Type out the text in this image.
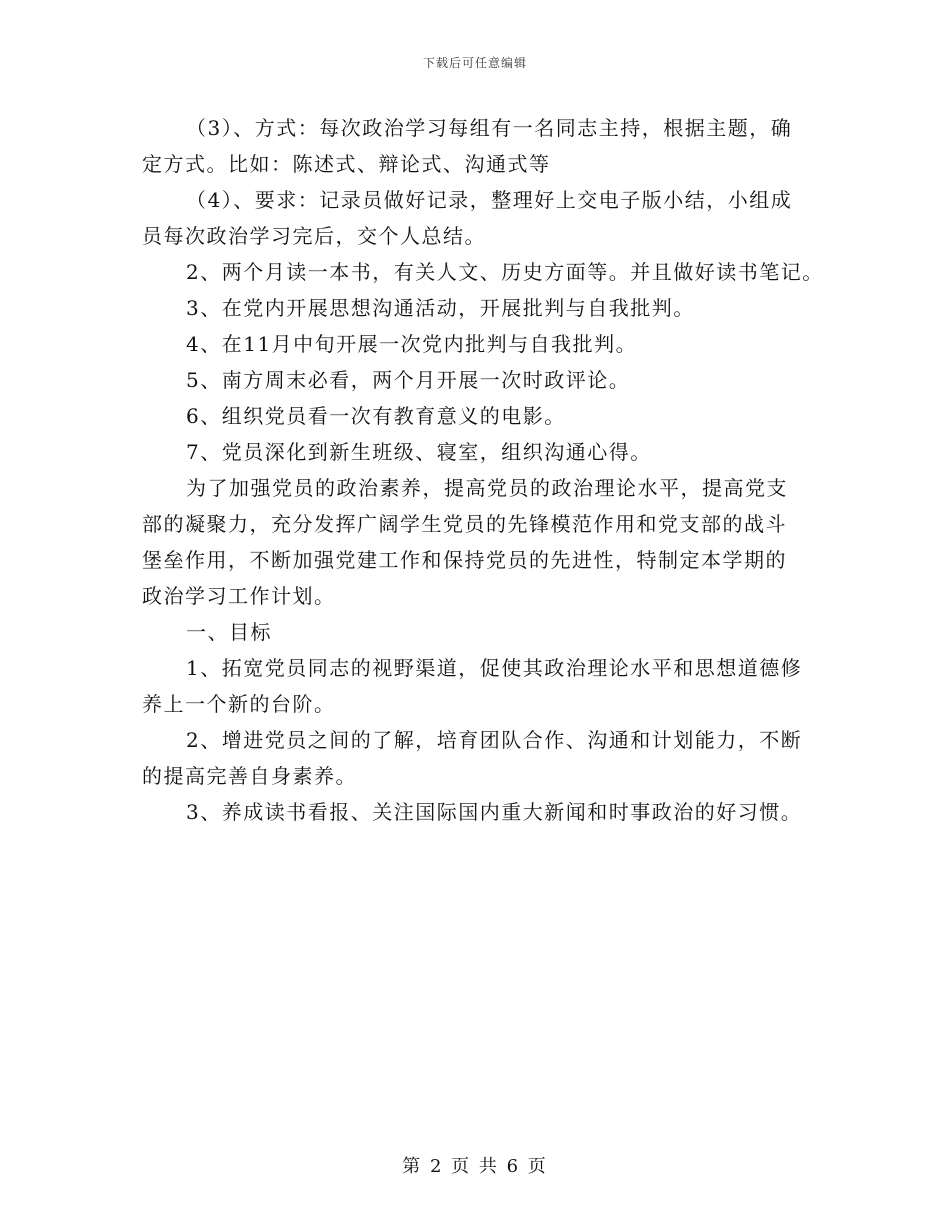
下载后可任意编辑
（3）、方式：每次政治学习每组有一名同志主持，根据主题，确
定方式。比如：陈述式、辩论式、沟通式等
（4）、要求：记录员做好记录，整理好上交电子版小结，小组成
员每次政治学习完后，交个人总结。
2、两个月读一本书，有关人文、历史方面等。并且做好读书笔记。
3、在党内开展思想沟通活动，开展批判与自我批判。
4、在11月中旬开展一次党内批判与自我批判。
5、南方周末必看，两个月开展一次时政评论。
6、组织党员看一次有教育意义的电影。
7、党员深化到新生班级、寝室，组织沟通心得。
为了加强党员的政治素养，提高党员的政治理论水平，提高党支
部的凝聚力，充分发挥广阔学生党员的先锋模范作用和党支部的战斗
堡垒作用，不断加强党建工作和保持党员的先进性，特制定本学期的
政治学习工作计划。
一、目标
1、拓宽党员同志的视野渠道，促使其政治理论水平和思想道德修
养上一个新的台阶。
2、增进党员之间的了解，培育团队合作、沟通和计划能力，不断
的提高完善自身素养。
3、养成读书看报、关注国际国内重大新闻和时事政治的好习惯。
第 2 页 共 6 页
